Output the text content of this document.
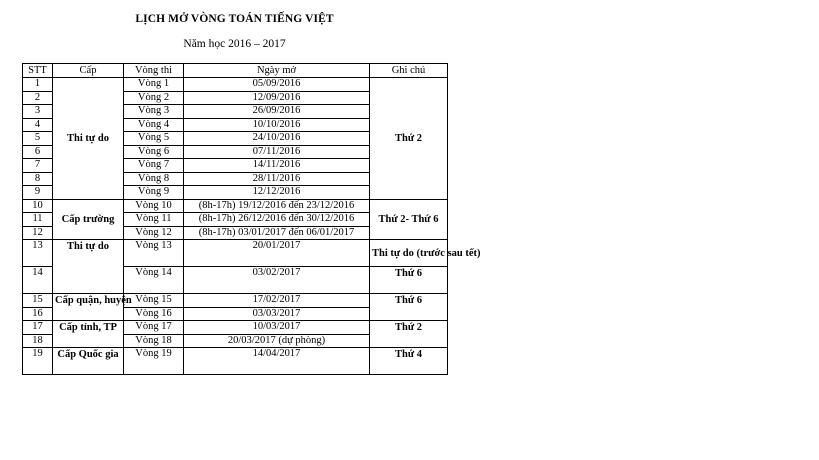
LỊCH MỞ VÒNG TOÁN TIẾNG VIỆT
Năm học 2016 – 2017
STT	Cấp	Vòng thi	Ngày mở	Ghi chú
1	Thi tự do	Vòng 1	05/09/2016	Thứ 2
2		Vòng 2	12/09/2016	
3		Vòng 3	26/09/2016	
4		Vòng 4	10/10/2016	
5		Vòng 5	24/10/2016	
6		Vòng 6	07/11/2016	
7		Vòng 7	14/11/2016	
8		Vòng 8	28/11/2016	
9		Vòng 9	12/12/2016	
10	Cấp trường	Vòng 10	(8h-17h) 19/12/2016 đến 23/12/2016	Thứ 2- Thứ 6
11		Vòng 11	(8h-17h) 26/12/2016 đến 30/12/2016	
12		Vòng 12	(8h-17h) 03/01/2017 đến 06/01/2017	
13	Thi tự do	Vòng 13	20/01/2017	Thi tự do (trước sau tết)
14		Vòng 14	03/02/2017	Thứ 6
15	Cấp quận, huyện	Vòng 15	17/02/2017	Thứ 6
16		Vòng 16	03/03/2017	
17	Cấp tỉnh, TP	Vòng 17	10/03/2017	Thứ 2
18		Vòng 18	20/03/2017 (dự phòng)	
19	Cấp Quốc gia	Vòng 19	14/04/2017	Thứ 4
